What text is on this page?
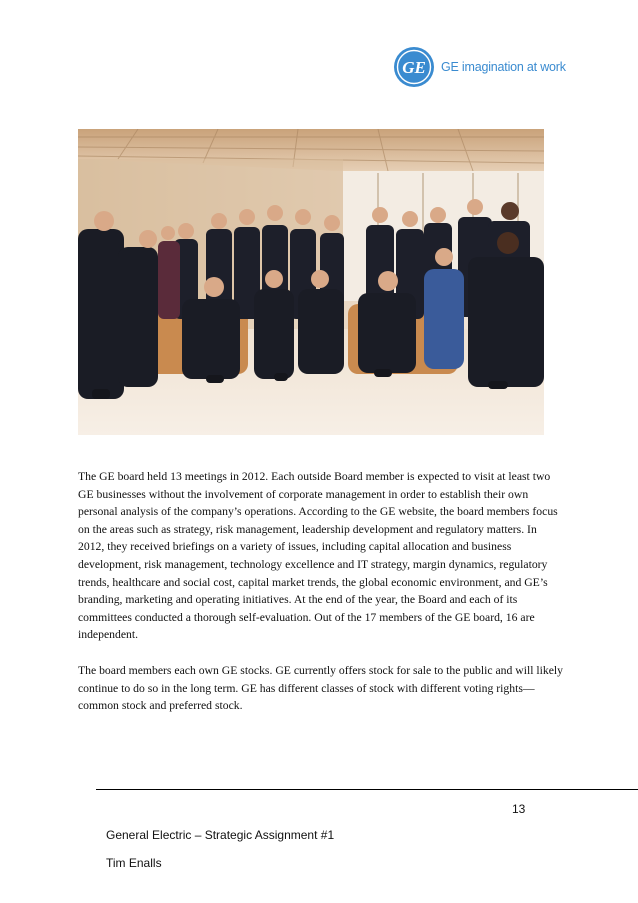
GE GE imagination at work

The GE board held 13 meetings in 2012. Each outside Board member is expected to visit at least two GE businesses without the involvement of corporate management in order to establish their own personal analysis of the company’s operations. According to the GE website, the board members focus on the areas such as strategy, risk management, leadership development and regulatory matters. In 2012, they received briefings on a variety of issues, including capital allocation and business development, risk management, technology excellence and IT strategy, margin dynamics, regulatory trends, healthcare and social cost, capital market trends, the global economic environment, and GE’s branding, marketing and operating initiatives. At the end of the year, the Board and each of its committees conducted a thorough self-evaluation. Out of the 17 members of the GE board, 16 are independent.

The board members each own GE stocks. GE currently offers stock for sale to the public and will likely continue to do so in the long term. GE has different classes of stock with different voting rights—common stock and preferred stock.

13
General Electric – Strategic Assignment #1
Tim Enalls
